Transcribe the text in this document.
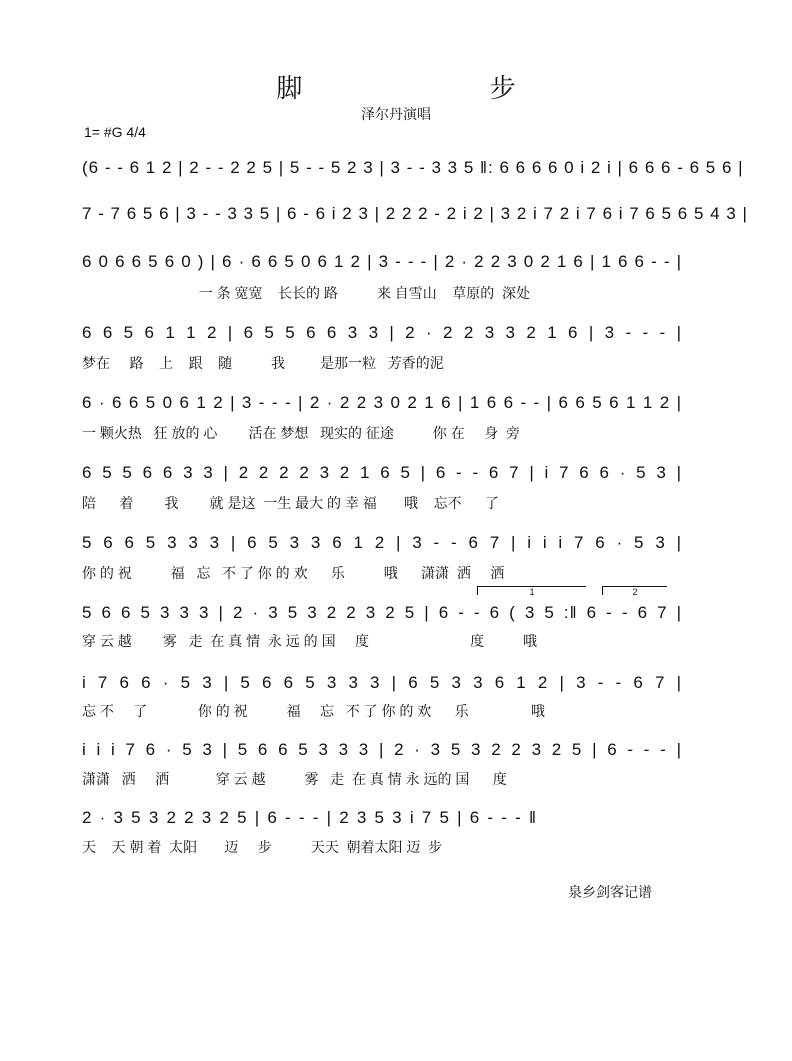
脚 步
泽尔丹演唱
1= #G 4/4
(6 - - 6 1 2 | 2 - - 2 2 5 | 5 - - 5 2 3 | 3 - - 3 3 5 ‖: 6 6 6 6 0 i 2 i | 6 6 6 - 6 5 6 |
7 - 7 6 5 6 | 3 - - 3 3 5 | 6 - 6 i 2 3 | 2 2 2 - 2 i 2 | 3 2 i 7 2 i 7 6 i 7 6 5 6 5 4 3 |
6 0 6 6 5 6 0 ) | 6 · 6 6 5 0 6 1 2 | 3 - - - | 2 · 2 2 3 0 2 1 6 | 1 6 6 - - |
一 条 宽宽    长长的 路          来 自雪山    草原的  深处
6 6 5 6 1 1 2 | 6 5 5 6 6 3 3 | 2 · 2 2 3 3 2 1 6 | 3 - - - |
梦在     路    上    跟    随          我         是那一粒   芳香的泥
6 · 6 6 5 0 6 1 2 | 3 - - - | 2 · 2 2 3 0 2 1 6 | 1 6 6 - - | 6 6 5 6 1 1 2 |
一 颗火热   狂 放的 心        活在 梦想   现实的 征途          你 在     身  旁
6 5 5 6 6 3 3 | 2 2 2 2 3 2 1 6 5 | 6 - - 6 7 | i 7 6 6 · 5 3 |
陪      着        我        就 是这  一生 最大 的 幸 福       哦    忘不      了
5 6 6 5 3 3 3 | 6 5 3 3 6 1 2 | 3 - - 6 7 | i i i 7 6 · 5 3 |
你 的 祝          福   忘   不 了 你 的 欢      乐          哦      潇潇  洒     洒
1	2
5 6 6 5 3 3 3 | 2 · 3 5 3 2 2 3 2 5 | 6 - - 6 ( 3 5 :‖ 6 - - 6 7 |
穿 云 越        雾   走  在 真 情  永 远 的 国     度                          度          哦
i 7 6 6 · 5 3 | 5 6 6 5 3 3 3 | 6 5 3 3 6 1 2 | 3 - - 6 7 |
忘 不     了             你 的 祝          福     忘   不 了 你 的 欢      乐                哦
i i i 7 6 · 5 3 | 5 6 6 5 3 3 3 | 2 · 3 5 3 2 2 3 2 5 | 6 - - - |
潇潇   洒     洒            穿 云 越          雾   走  在 真 情 永 远的 国      度
2 · 3 5 3 2 2 3 2 5 | 6 - - - | 2 3 5 3 i 7 5 | 6 - - - ‖
天    天 朝 着  太阳       迈     步          天天  朝着太阳 迈  步
泉乡剑客记谱
